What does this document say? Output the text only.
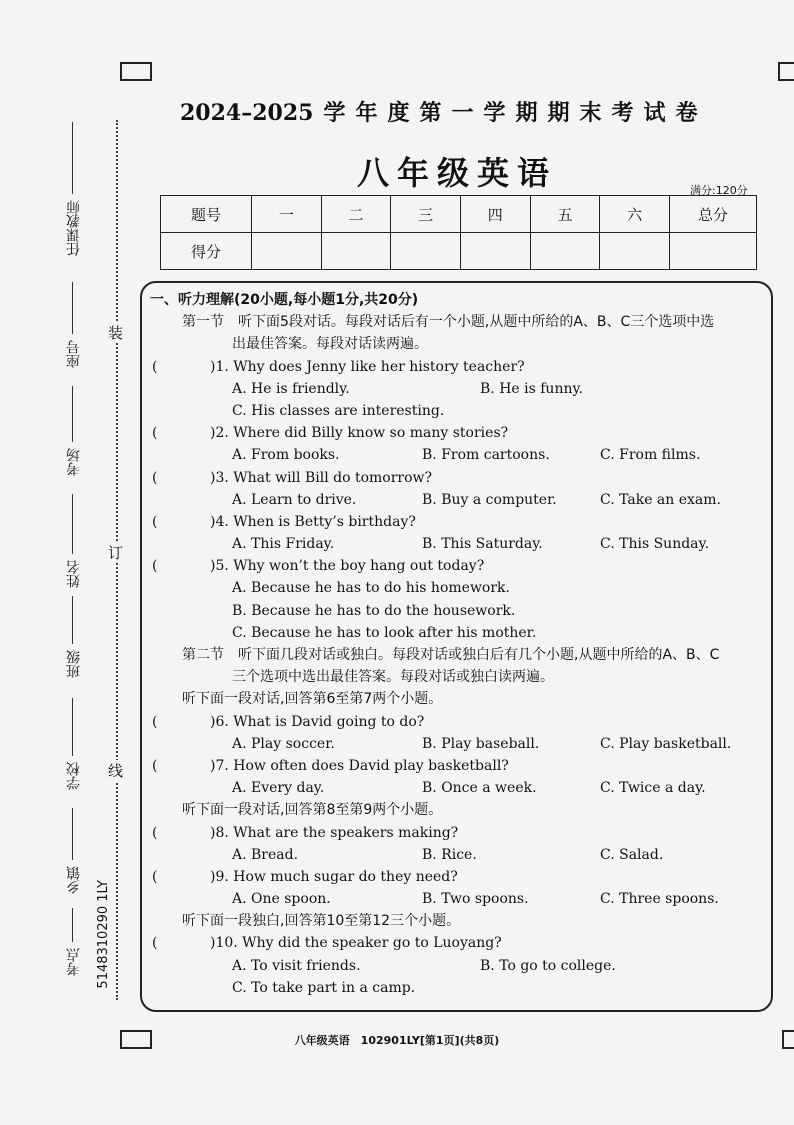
装
订
线
任课教师
座号
考场
姓名
班级
学校
乡镇
考点 5148310290 1LY
2024–2025 学年度第一学期期末考试卷
八年级英语	满分:120分
题号	一	二	三	四	五	六	总分
得分							
一、听力理解(20小题,每小题1分,共20分)
第一节　听下面5段对话。每段对话后有一个小题,从题中所给的A、B、C三个选项中选
出最佳答案。每段对话读两遍。
(	)1. Why does Jenny like her history teacher?
A. He is friendly.	B. He is funny.
C. His classes are interesting.
(	)2. Where did Billy know so many stories?
A. From books.	B. From cartoons.	C. From films.
(	)3. What will Bill do tomorrow?
A. Learn to drive.	B. Buy a computer.	C. Take an exam.
(	)4. When is Betty’s birthday?
A. This Friday.	B. This Saturday.	C. This Sunday.
(	)5. Why won’t the boy hang out today?
A. Because he has to do his homework.
B. Because he has to do the housework.
C. Because he has to look after his mother.
第二节　听下面几段对话或独白。每段对话或独白后有几个小题,从题中所给的A、B、C
三个选项中选出最佳答案。每段对话或独白读两遍。
听下面一段对话,回答第6至第7两个小题。
(	)6. What is David going to do?
A. Play soccer.	B. Play baseball.	C. Play basketball.
(	)7. How often does David play basketball?
A. Every day.	B. Once a week.	C. Twice a day.
听下面一段对话,回答第8至第9两个小题。
(	)8. What are the speakers making?
A. Bread.	B. Rice.	C. Salad.
(	)9. How much sugar do they need?
A. One spoon.	B. Two spoons.	C. Three spoons.
听下面一段独白,回答第10至第12三个小题。
(	)10. Why did the speaker go to Luoyang?
A. To visit friends.	B. To go to college.
C. To take part in a camp.
八年级英语　102901LY[第1页](共8页)
